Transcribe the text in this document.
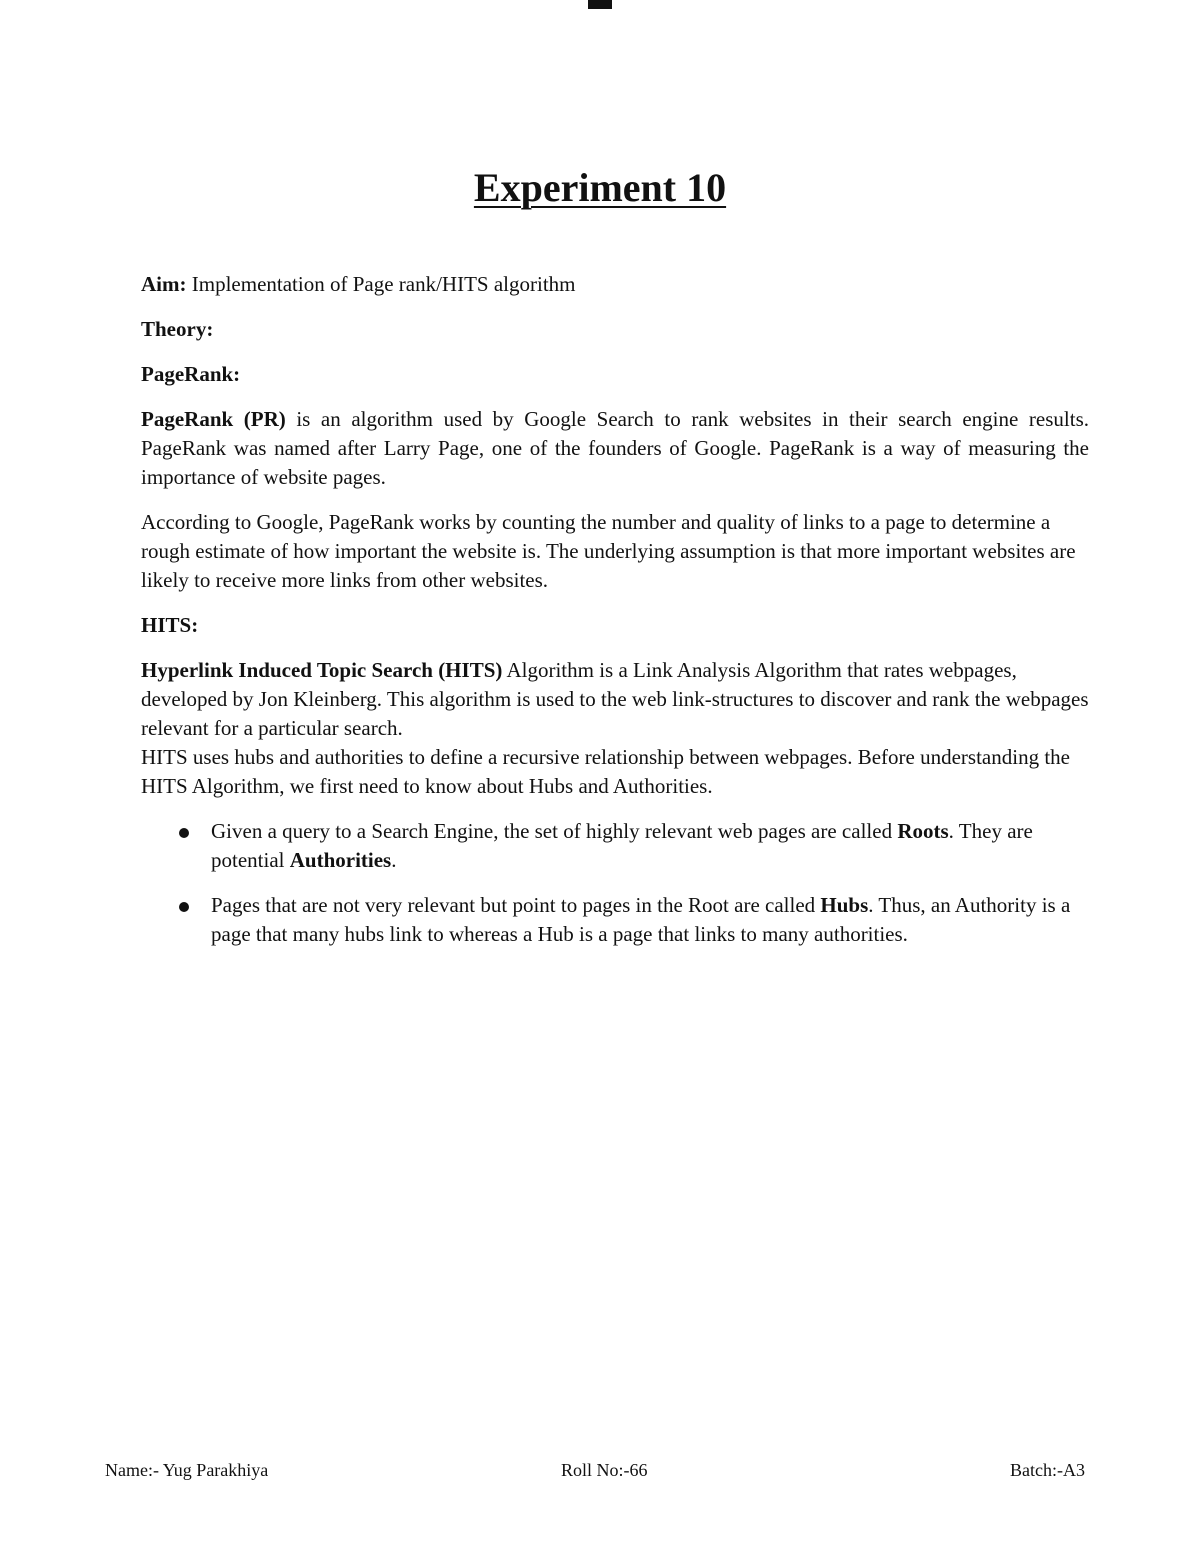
Experiment 10

Aim: Implementation of Page rank/HITS algorithm

Theory:

PageRank:

PageRank (PR) is an algorithm used by Google Search to rank websites in their search engine results. PageRank was named after Larry Page, one of the founders of Google. PageRank is a way of measuring the importance of website pages.

According to Google, PageRank works by counting the number and quality of links to a page to determine a rough estimate of how important the website is. The underlying assumption is that more important websites are likely to receive more links from other websites.

HITS:

Hyperlink Induced Topic Search (HITS) Algorithm is a Link Analysis Algorithm that rates webpages, developed by Jon Kleinberg. This algorithm is used to the web link-structures to discover and rank the webpages relevant for a particular search.

HITS uses hubs and authorities to define a recursive relationship between webpages. Before understanding the HITS Algorithm, we first need to know about Hubs and Authorities.

Given a query to a Search Engine, the set of highly relevant web pages are called Roots. They are potential Authorities.
Pages that are not very relevant but point to pages in the Root are called Hubs. Thus, an Authority is a page that many hubs link to whereas a Hub is a page that links to many authorities.
Name:- Yug Parakhiya	Roll No:-66	Batch:-A3
